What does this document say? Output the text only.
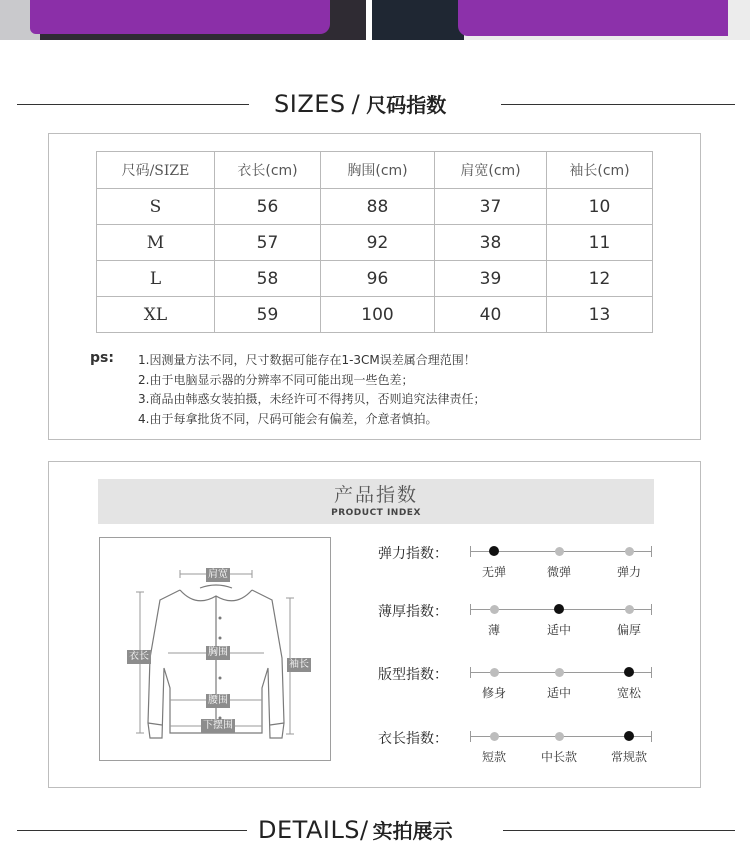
SIZES / 尺码指数
尺码/SIZE	衣长(cm)	胸围(cm)	肩宽(cm)	袖长(cm)
S	56	88	37	10
M	57	92	38	11
L	58	96	39	12
XL	59	100	40	13
ps: 1.因测量方法不同，尺寸数据可能存在1-3CM误差属合理范围！
2.由于电脑显示器的分辨率不同可能出现一些色差；
3.商品由韩惑女装拍摄，未经许可不得拷贝，否则追究法律责任；
4.由于每拿批货不同，尺码可能会有偏差，介意者慎拍。
产品指数
PRODUCT INDEX
肩宽
衣长	胸围
袖长
腰围
下摆围
弹力指数：
无弹	微弹	弹力
薄厚指数：
薄	适中	偏厚
版型指数：
修身	适中	宽松
衣长指数：
短款	中长款	常规款
DETAILS/ 实拍展示
